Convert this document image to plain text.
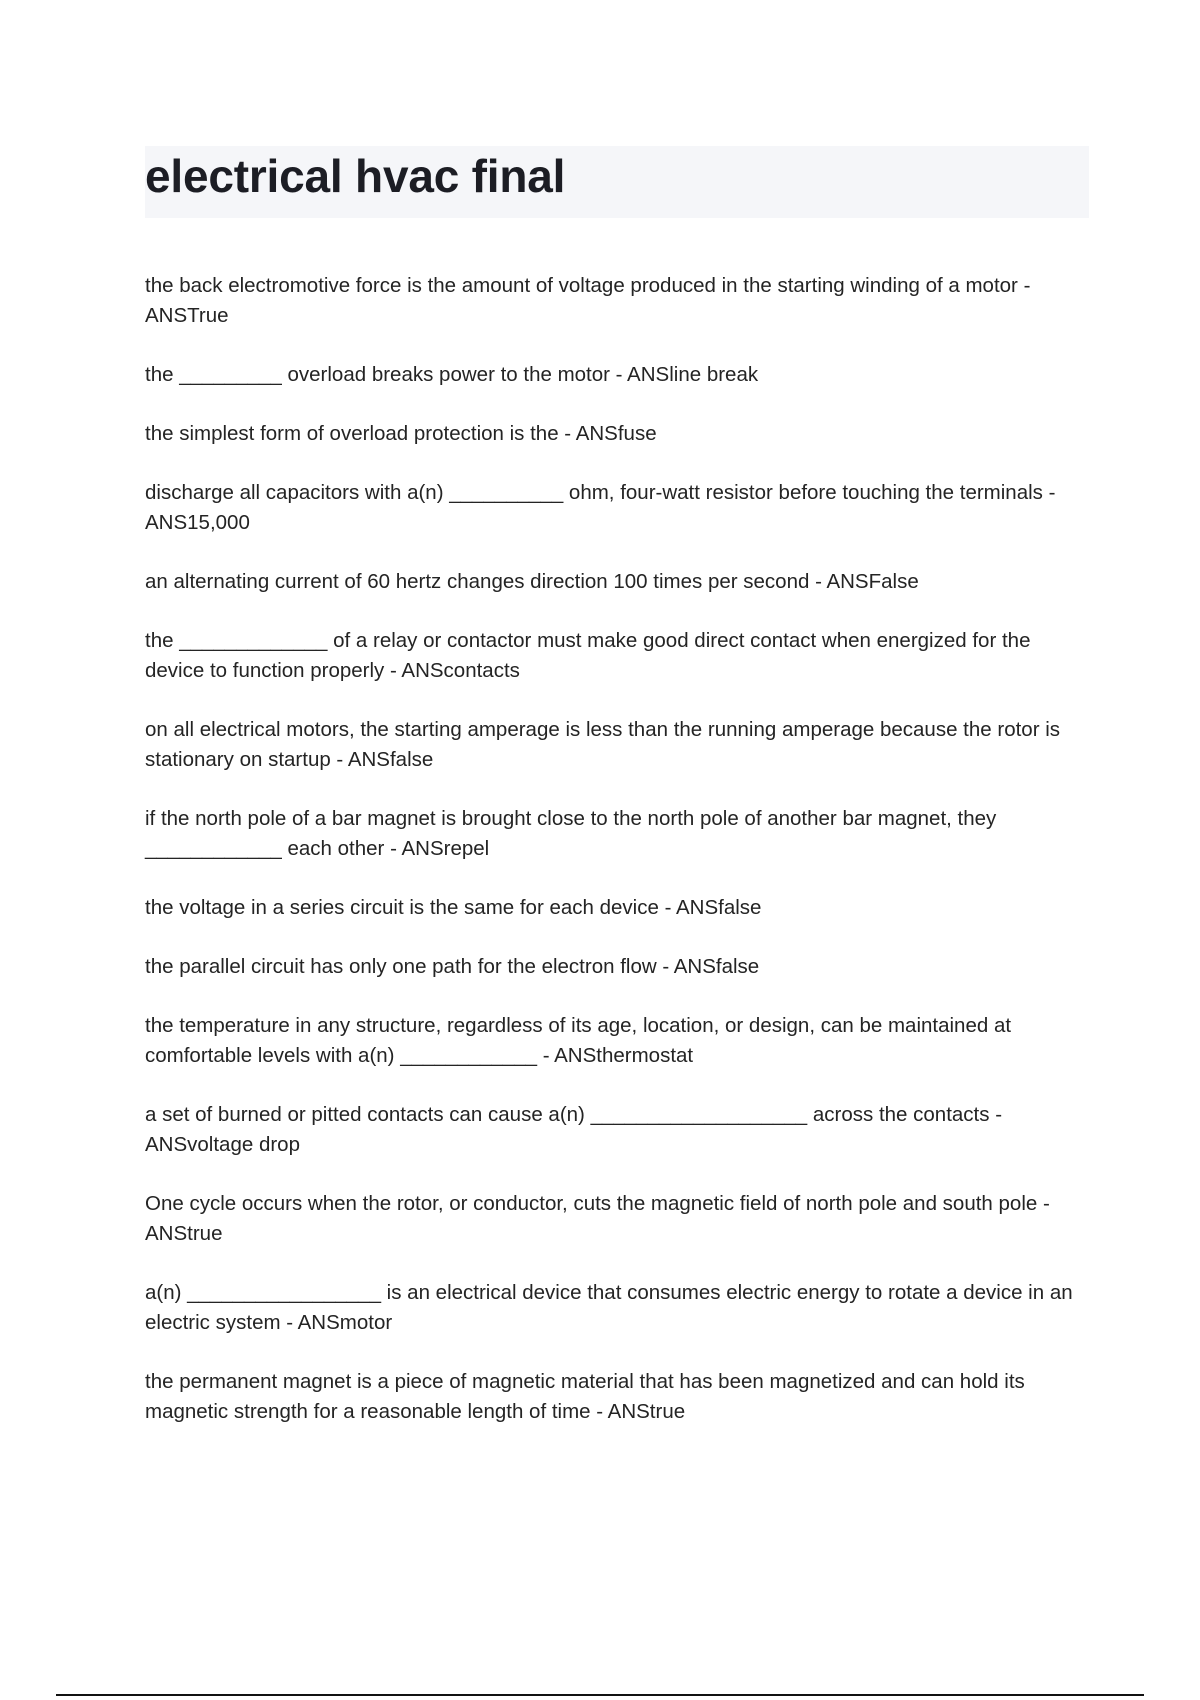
electrical hvac final
the back electromotive force is the amount of voltage produced in the starting winding of a motor - ANSTrue
the _________ overload breaks power to the motor - ANSline break
the simplest form of overload protection is the - ANSfuse
discharge all capacitors with a(n) __________ ohm, four-watt resistor before touching the terminals - ANS15,000
an alternating current of 60 hertz changes direction 100 times per second - ANSFalse
the _____________ of a relay or contactor must make good direct contact when energized for the device to function properly - ANScontacts
on all electrical motors, the starting amperage is less than the running amperage because the rotor is stationary on startup - ANSfalse
if the north pole of a bar magnet is brought close to the north pole of another bar magnet, they ____________ each other - ANSrepel
the voltage in a series circuit is the same for each device - ANSfalse
the parallel circuit has only one path for the electron flow - ANSfalse
the temperature in any structure, regardless of its age, location, or design, can be maintained at comfortable levels with a(n) ____________ - ANSthermostat
a set of burned or pitted contacts can cause a(n) ___________________ across the contacts - ANSvoltage drop
One cycle occurs when the rotor, or conductor, cuts the magnetic field of north pole and south pole - ANStrue
a(n) _________________ is an electrical device that consumes electric energy to rotate a device in an electric system - ANSmotor
the permanent magnet is a piece of magnetic material that has been magnetized and can hold its magnetic strength for a reasonable length of time - ANStrue
